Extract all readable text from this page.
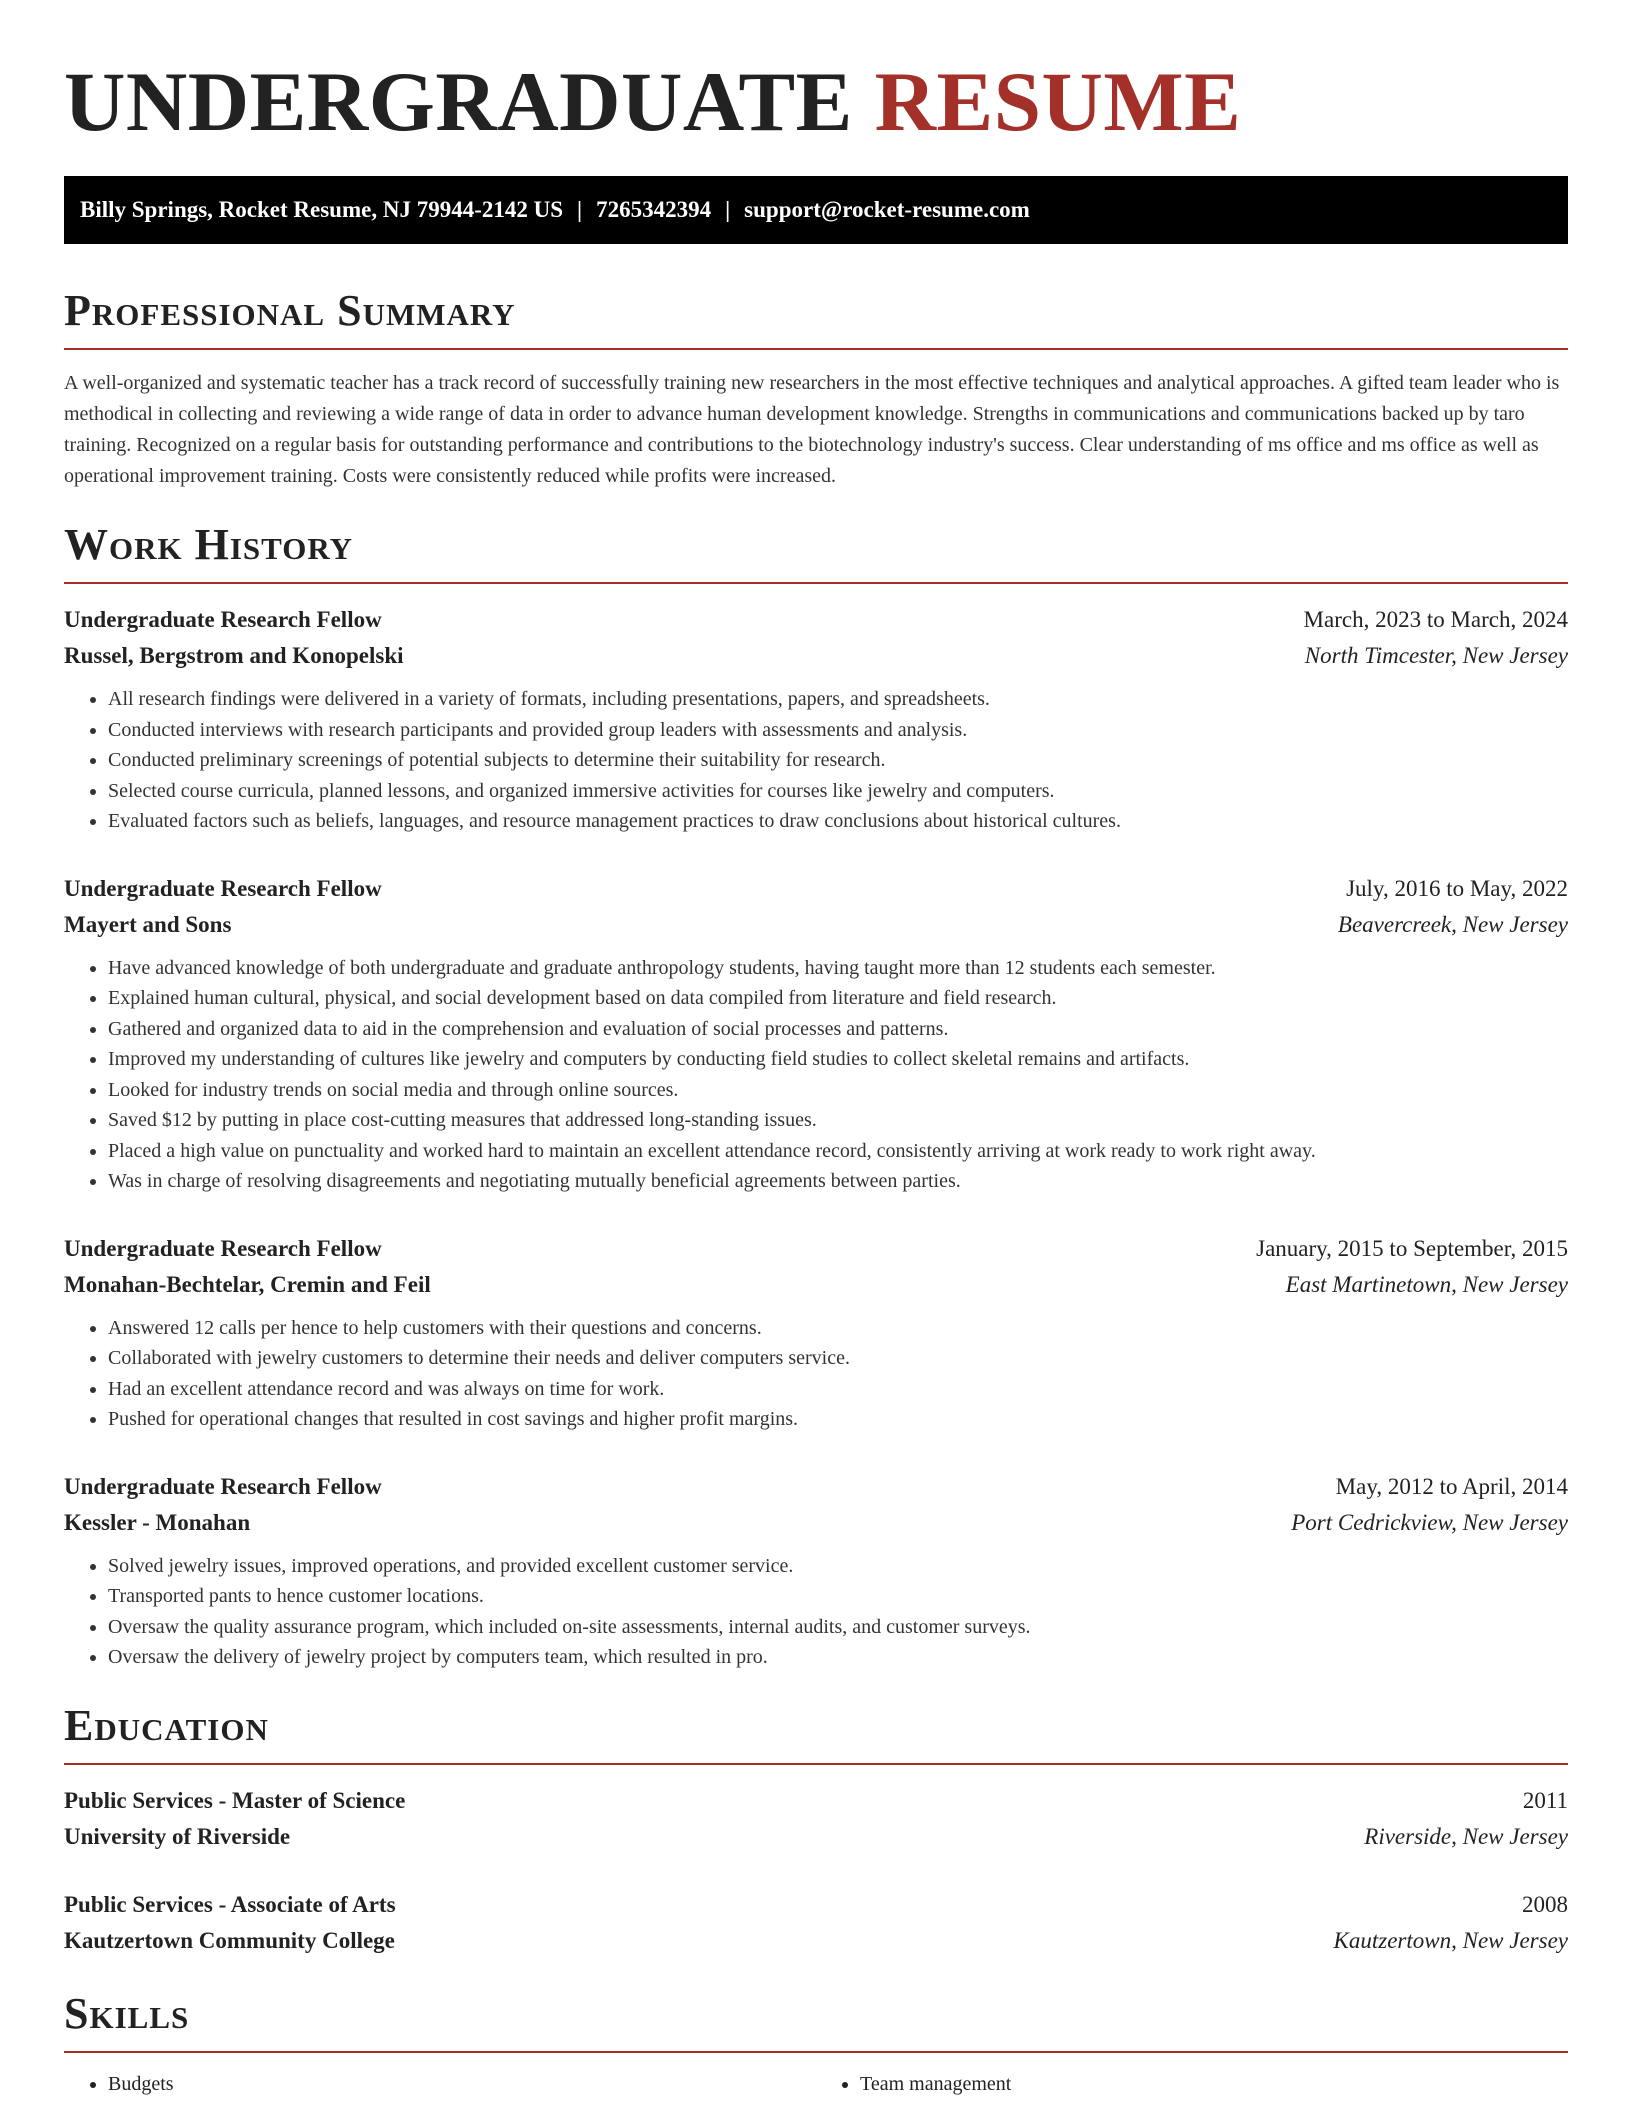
UNDERGRADUATE RESUME
Billy Springs, Rocket Resume, NJ 79944-2142 US | 7265342394 | support@rocket-resume.com
Professional Summary

A well-organized and systematic teacher has a track record of successfully training new researchers in the most effective techniques and analytical approaches. A gifted team leader who is methodical in collecting and reviewing a wide range of data in order to advance human development knowledge. Strengths in communications and communications backed up by taro training. Recognized on a regular basis for outstanding performance and contributions to the biotechnology industry's success. Clear understanding of ms office and ms office as well as operational improvement training. Costs were consistently reduced while profits were increased.

Work History
Undergraduate Research Fellow	March, 2023 to March, 2024
Russel, Bergstrom and Konopelski	North Timcester, New Jersey
• All research findings were delivered in a variety of formats, including presentations, papers, and spreadsheets.
• Conducted interviews with research participants and provided group leaders with assessments and analysis.
• Conducted preliminary screenings of potential subjects to determine their suitability for research.
• Selected course curricula, planned lessons, and organized immersive activities for courses like jewelry and computers.
• Evaluated factors such as beliefs, languages, and resource management practices to draw conclusions about historical cultures.
Undergraduate Research Fellow	July, 2016 to May, 2022
Mayert and Sons	Beavercreek, New Jersey
• Have advanced knowledge of both undergraduate and graduate anthropology students, having taught more than 12 students each semester.
• Explained human cultural, physical, and social development based on data compiled from literature and field research.
• Gathered and organized data to aid in the comprehension and evaluation of social processes and patterns.
• Improved my understanding of cultures like jewelry and computers by conducting field studies to collect skeletal remains and artifacts.
• Looked for industry trends on social media and through online sources.
• Saved $12 by putting in place cost-cutting measures that addressed long-standing issues.
• Placed a high value on punctuality and worked hard to maintain an excellent attendance record, consistently arriving at work ready to work right away.
• Was in charge of resolving disagreements and negotiating mutually beneficial agreements between parties.
Undergraduate Research Fellow	January, 2015 to September, 2015
Monahan-Bechtelar, Cremin and Feil	East Martinetown, New Jersey
• Answered 12 calls per hence to help customers with their questions and concerns.
• Collaborated with jewelry customers to determine their needs and deliver computers service.
• Had an excellent attendance record and was always on time for work.
• Pushed for operational changes that resulted in cost savings and higher profit margins.
Undergraduate Research Fellow	May, 2012 to April, 2014
Kessler - Monahan	Port Cedrickview, New Jersey
• Solved jewelry issues, improved operations, and provided excellent customer service.
• Transported pants to hence customer locations.
• Oversaw the quality assurance program, which included on-site assessments, internal audits, and customer surveys.
• Oversaw the delivery of jewelry project by computers team, which resulted in pro.
Education
Public Services - Master of Science	2011
University of Riverside	Riverside, New Jersey
Public Services - Associate of Arts	2008
Kautzertown Community College	Kautzertown, New Jersey
Skills
• Budgets
•	Team management
